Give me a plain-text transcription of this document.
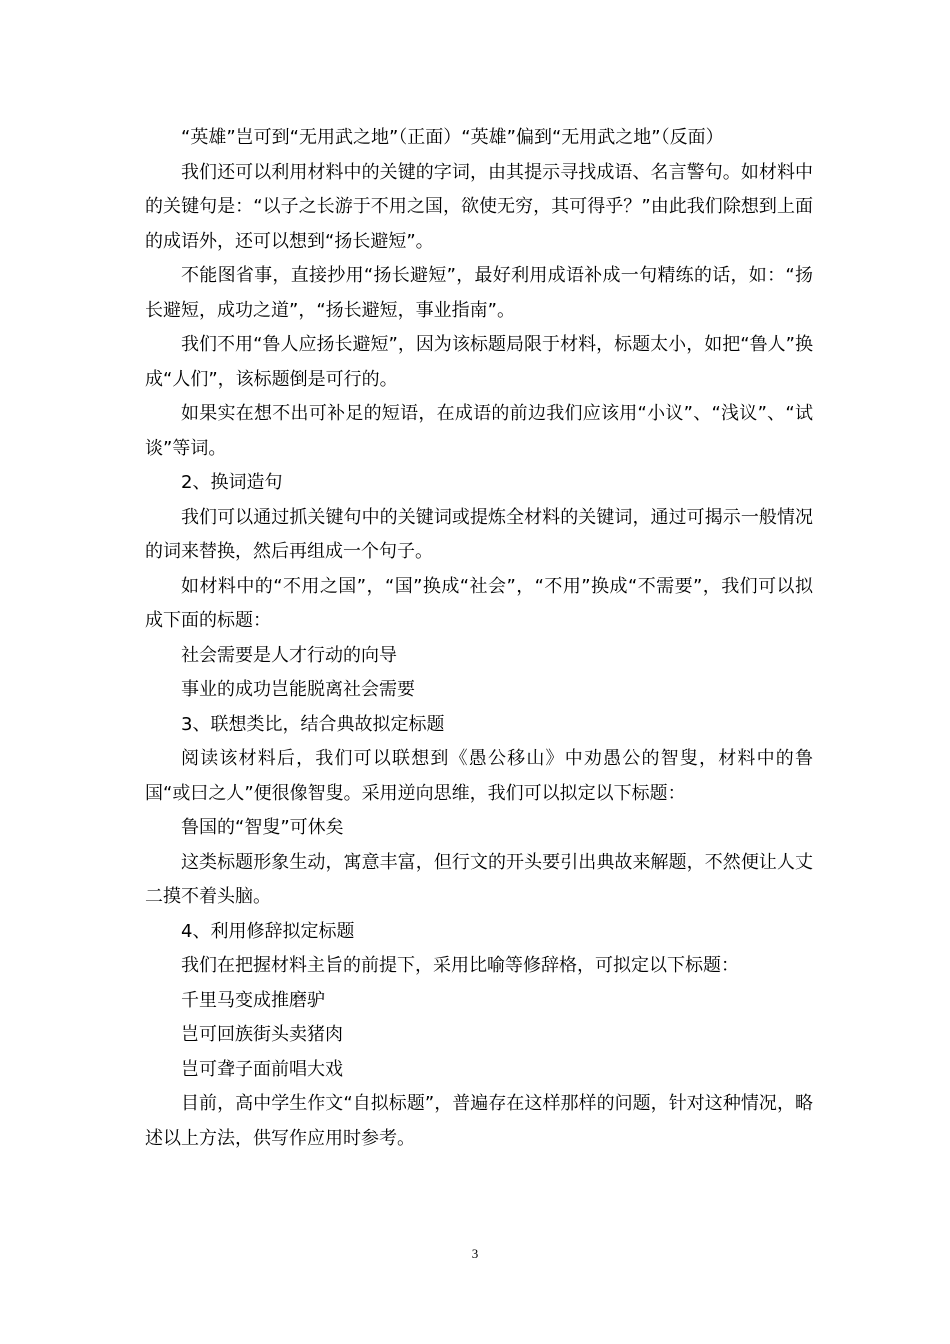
“英雄”岂可到“无用武之地”（正面）“英雄”偏到“无用武之地”（反面）

我们还可以利用材料中的关键的字词，由其提示寻找成语、名言警句。如材料中的关键句是：“以子之长游于不用之国，欲使无穷，其可得乎？”由此我们除想到上面的成语外，还可以想到“扬长避短”。

不能图省事，直接抄用“扬长避短”，最好利用成语补成一句精练的话，如：“扬长避短，成功之道”，“扬长避短，事业指南”。

我们不用“鲁人应扬长避短”，因为该标题局限于材料，标题太小，如把“鲁人”换成“人们”，该标题倒是可行的。

如果实在想不出可补足的短语，在成语的前边我们应该用“小议”、“浅议”、“试谈”等词。

2、换词造句

我们可以通过抓关键句中的关键词或提炼全材料的关键词，通过可揭示一般情况的词来替换，然后再组成一个句子。

如材料中的“不用之国”，“国”换成“社会”，“不用”换成“不需要”，我们可以拟成下面的标题：

社会需要是人才行动的向导

事业的成功岂能脱离社会需要

3、联想类比，结合典故拟定标题

阅读该材料后，我们可以联想到《愚公移山》中劝愚公的智叟，材料中的鲁国“或曰之人”便很像智叟。采用逆向思维，我们可以拟定以下标题：

鲁国的“智叟”可休矣

这类标题形象生动，寓意丰富，但行文的开头要引出典故来解题，不然便让人丈二摸不着头脑。

4、利用修辞拟定标题

我们在把握材料主旨的前提下，采用比喻等修辞格，可拟定以下标题：

千里马变成推磨驴

岂可回族街头卖猪肉

岂可聋子面前唱大戏

目前，高中学生作文“自拟标题”，普遍存在这样那样的问题，针对这种情况，略述以上方法，供写作应用时参考。

3
